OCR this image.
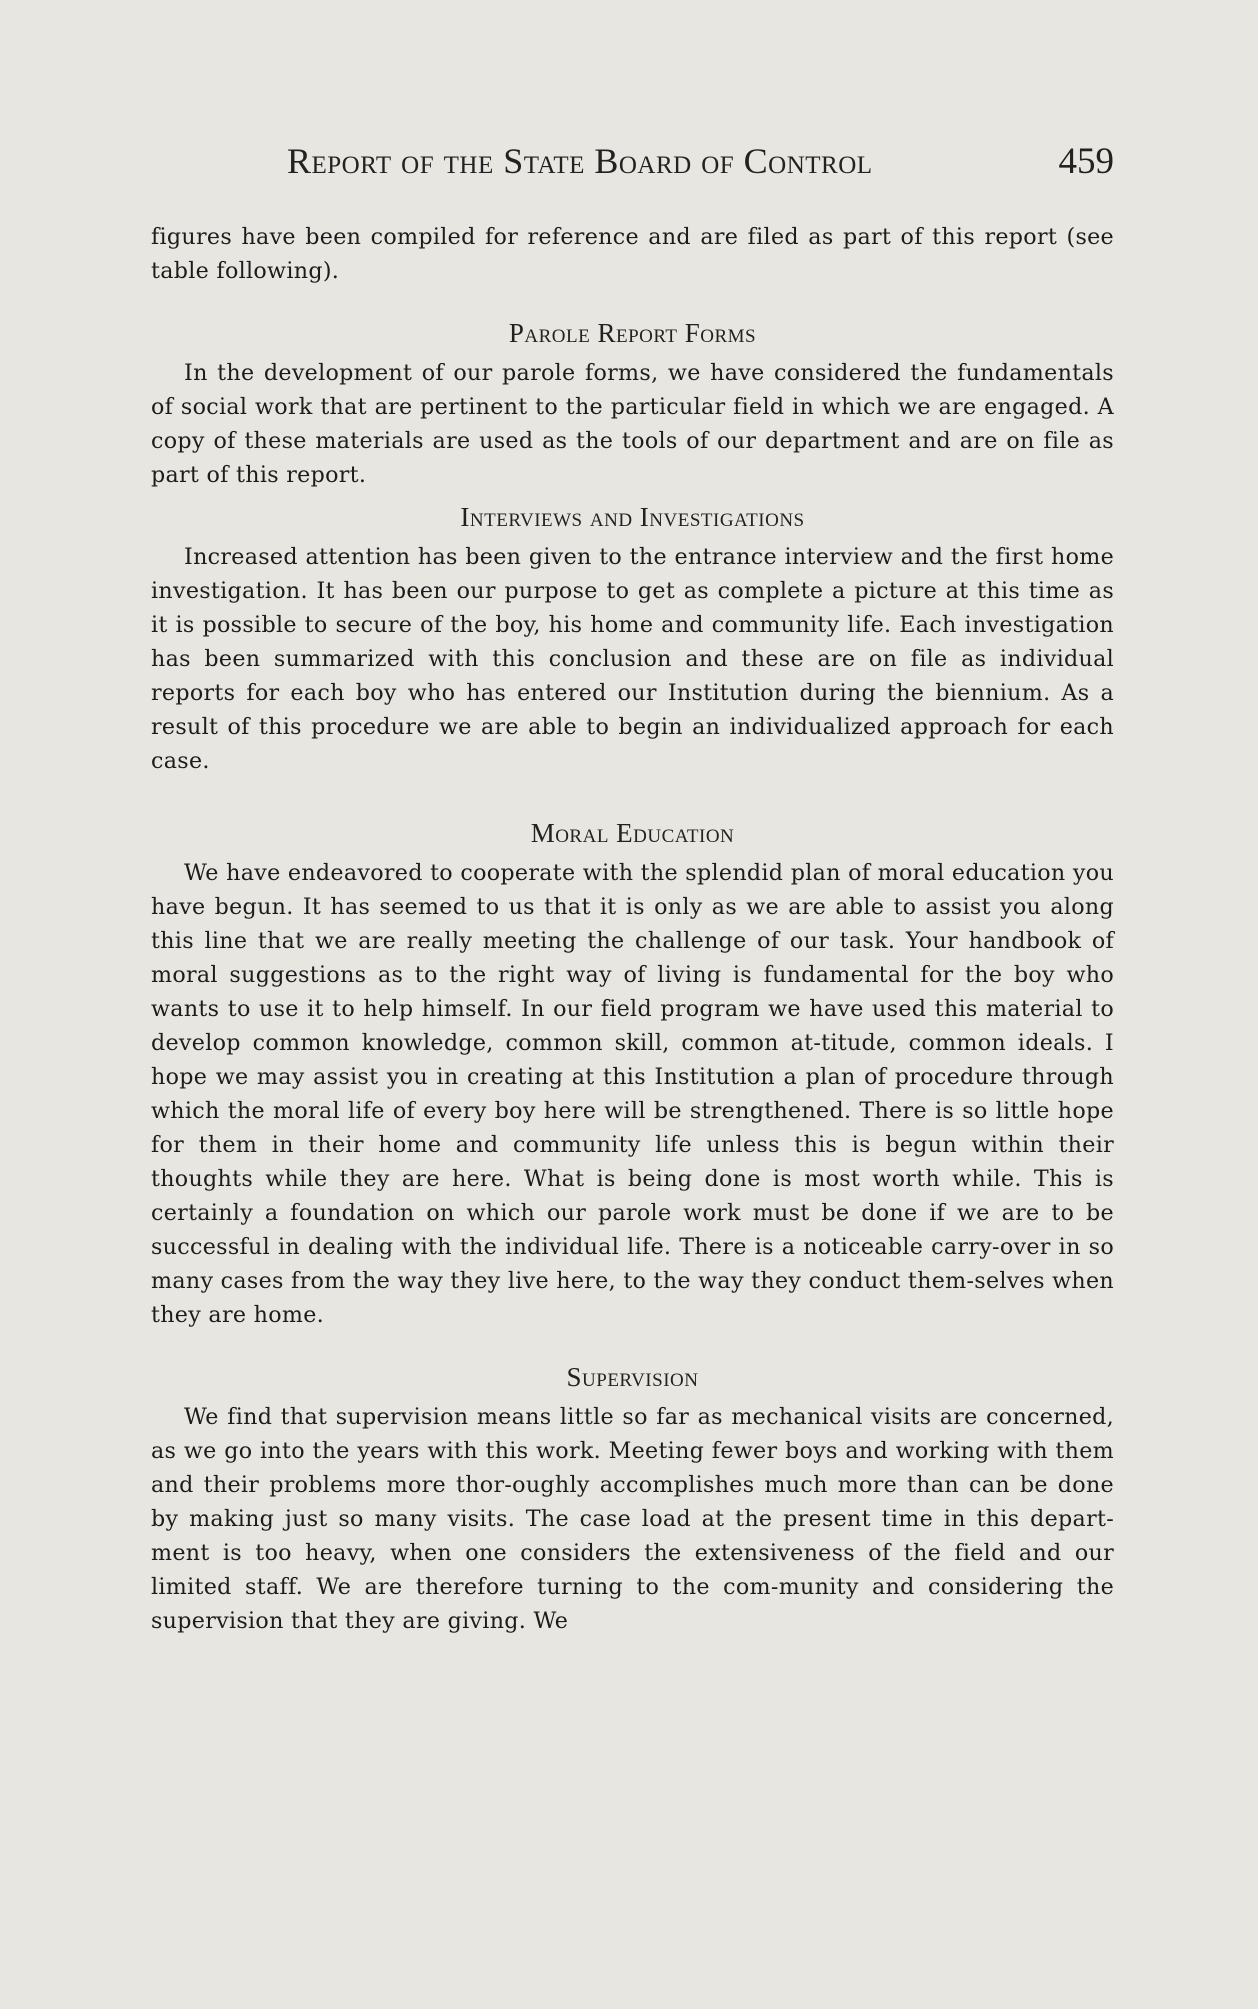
Report of the State Board of Control	459

figures have been compiled for reference and are filed as part of this report (see table following).

Parole Report Forms

In the development of our parole forms, we have considered the fundamentals of social work that are pertinent to the particular field in which we are engaged. A copy of these materials are used as the tools of our department and are on file as part of this report.

Interviews and Investigations

Increased attention has been given to the entrance interview and the first home investigation. It has been our purpose to get as complete a picture at this time as it is possible to secure of the boy, his home and community life. Each investigation has been summarized with this conclusion and these are on file as individual reports for each boy who has entered our Institution during the biennium. As a result of this procedure we are able to begin an individualized approach for each case.

Moral Education

We have endeavored to cooperate with the splendid plan of moral education you have begun. It has seemed to us that it is only as we are able to assist you along this line that we are really meeting the challenge of our task. Your handbook of moral suggestions as to the right way of living is fundamental for the boy who wants to use it to help himself. In our field program we have used this material to develop common knowledge, common skill, common at-titude, common ideals. I hope we may assist you in creating at this Institution a plan of procedure through which the moral life of every boy here will be strengthened. There is so little hope for them in their home and community life unless this is begun within their thoughts while they are here. What is being done is most worth while. This is certainly a foundation on which our parole work must be done if we are to be successful in dealing with the individual life. There is a noticeable carry-over in so many cases from the way they live here, to the way they conduct them-selves when they are home.

Supervision

We find that supervision means little so far as mechanical visits are concerned, as we go into the years with this work. Meeting fewer boys and working with them and their problems more thor-oughly accomplishes much more than can be done by making just so many visits. The case load at the present time in this depart-ment is too heavy, when one considers the extensiveness of the field and our limited staff. We are therefore turning to the com-munity and considering the supervision that they are giving. We
